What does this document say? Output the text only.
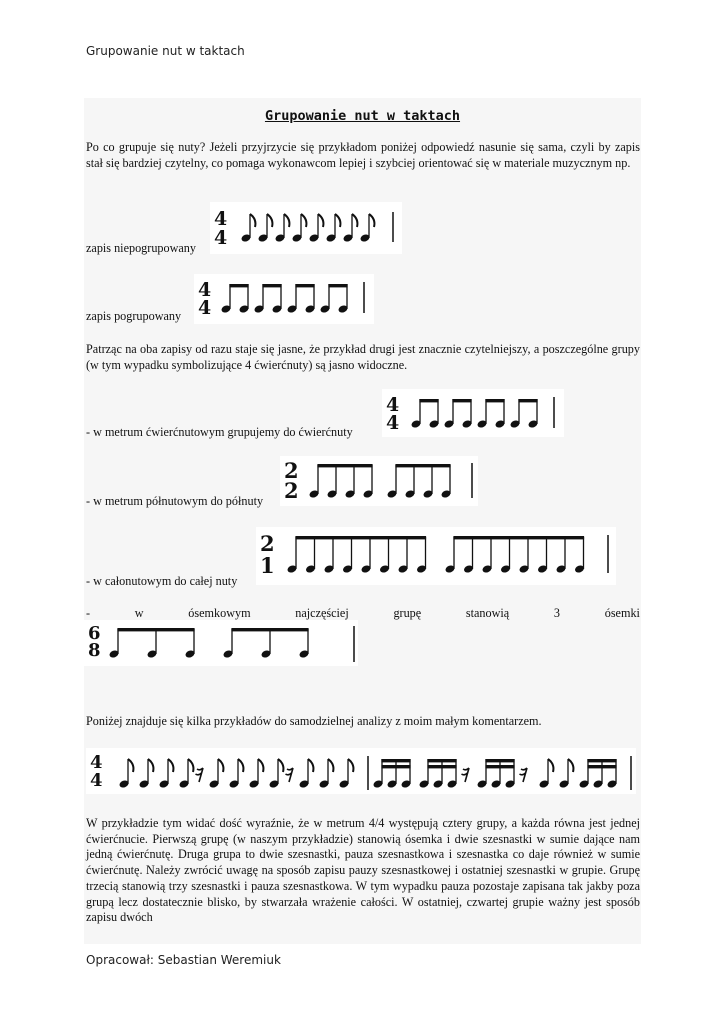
Grupowanie nut w taktach
Grupowanie nut w taktach
Po co grupuje się nuty? Jeżeli przyjrzycie się przykładom poniżej odpowiedź nasunie się sama, czyli by zapis stał się bardziej czytelny, co pomaga wykonawcom lepiej i szybciej orientować się w materiale muzycznym np.
zapis niepogrupowany
4
4
zapis pogrupowany
4
4
Patrząc na oba zapisy od razu staje się jasne, że przykład drugi jest znacznie czytelniejszy, a poszczególne grupy (w tym wypadku symbolizujące 4 ćwierćnuty) są jasno widoczne.
- w metrum ćwierćnutowym grupujemy do ćwierćnuty
4
4
- w metrum półnutowym do półnuty
2
2
- w całonutowym do całej nuty
2
1
-	w	ósemkowym	najczęściej	grupę	stanowią	3	ósemki
6
8
Poniżej znajduje się kilka przykładów do samodzielnej analizy z moim małym komentarzem.
4
4
W przykładzie tym widać dość wyraźnie, że w metrum 4/4 występują cztery grupy, a każda równa jest jednej ćwierćnucie. Pierwszą grupę (w naszym przykładzie) stanowią ósemka i dwie szesnastki w sumie dające nam jedną ćwierćnutę. Druga grupa to dwie szesnastki, pauza szesnastkowa i szesnastka co daje również w sumie ćwierćnutę. Należy zwrócić uwagę na sposób zapisu pauzy szesnastkowej i ostatniej szesnastki w grupie. Grupę trzecią stanowią trzy szesnastki i pauza szesnastkowa. W tym wypadku pauza pozostaje zapisana tak jakby poza grupą lecz dostatecznie blisko, by stwarzała wrażenie całości. W ostatniej, czwartej grupie ważny jest sposób zapisu dwóch
Opracował: Sebastian Weremiuk
